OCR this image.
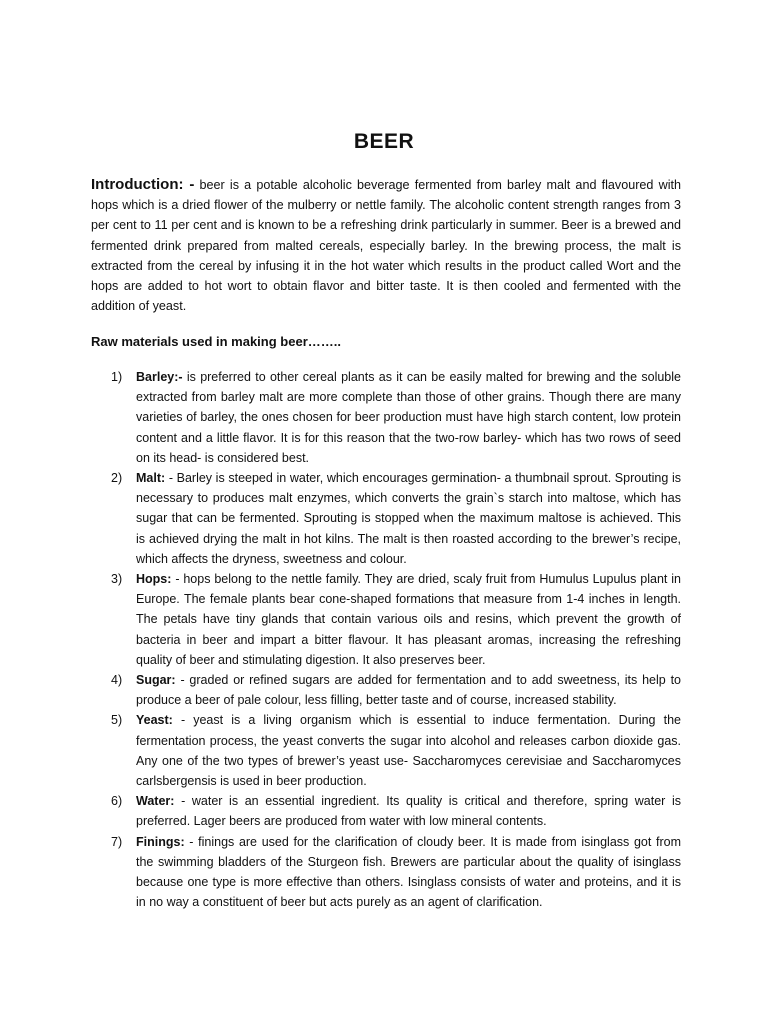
BEER

Introduction: - beer is a potable alcoholic beverage fermented from barley malt and flavoured with hops which is a dried flower of the mulberry or nettle family. The alcoholic content strength ranges from 3 per cent to 11 per cent and is known to be a refreshing drink particularly in summer. Beer is a brewed and fermented drink prepared from malted cereals, especially barley. In the brewing process, the malt is extracted from the cereal by infusing it in the hot water which results in the product called Wort and the hops are added to hot wort to obtain flavor and bitter taste. It is then cooled and fermented with the addition of yeast.

Raw materials used in making beer……..
1) Barley:- is preferred to other cereal plants as it can be easily malted for brewing and the soluble extracted from barley malt are more complete than those of other grains. Though there are many varieties of barley, the ones chosen for beer production must have high starch content, low protein content and a little flavor. It is for this reason that the two-row barley- which has two rows of seed on its head- is considered best.
2) Malt: - Barley is steeped in water, which encourages germination- a thumbnail sprout. Sprouting is necessary to produces malt enzymes, which converts the grain`s starch into maltose, which has sugar that can be fermented. Sprouting is stopped when the maximum maltose is achieved. This is achieved drying the malt in hot kilns. The malt is then roasted according to the brewer’s recipe, which affects the dryness, sweetness and colour.
3) Hops: - hops belong to the nettle family. They are dried, scaly fruit from Humulus Lupulus plant in Europe. The female plants bear cone-shaped formations that measure from 1-4 inches in length. The petals have tiny glands that contain various oils and resins, which prevent the growth of bacteria in beer and impart a bitter flavour. It has pleasant aromas, increasing the refreshing quality of beer and stimulating digestion. It also preserves beer.
4) Sugar: - graded or refined sugars are added for fermentation and to add sweetness, its help to produce a beer of pale colour, less filling, better taste and of course, increased stability.
5) Yeast: - yeast is a living organism which is essential to induce fermentation. During the fermentation process, the yeast converts the sugar into alcohol and releases carbon dioxide gas. Any one of the two types of brewer’s yeast use- Saccharomyces cerevisiae and Saccharomyces carlsbergensis is used in beer production.
6) Water: - water is an essential ingredient. Its quality is critical and therefore, spring water is preferred. Lager beers are produced from water with low mineral contents.
7) Finings: - finings are used for the clarification of cloudy beer. It is made from isinglass got from the swimming bladders of the Sturgeon fish. Brewers are particular about the quality of isinglass because one type is more effective than others. Isinglass consists of water and proteins, and it is in no way a constituent of beer but acts purely as an agent of clarification.
